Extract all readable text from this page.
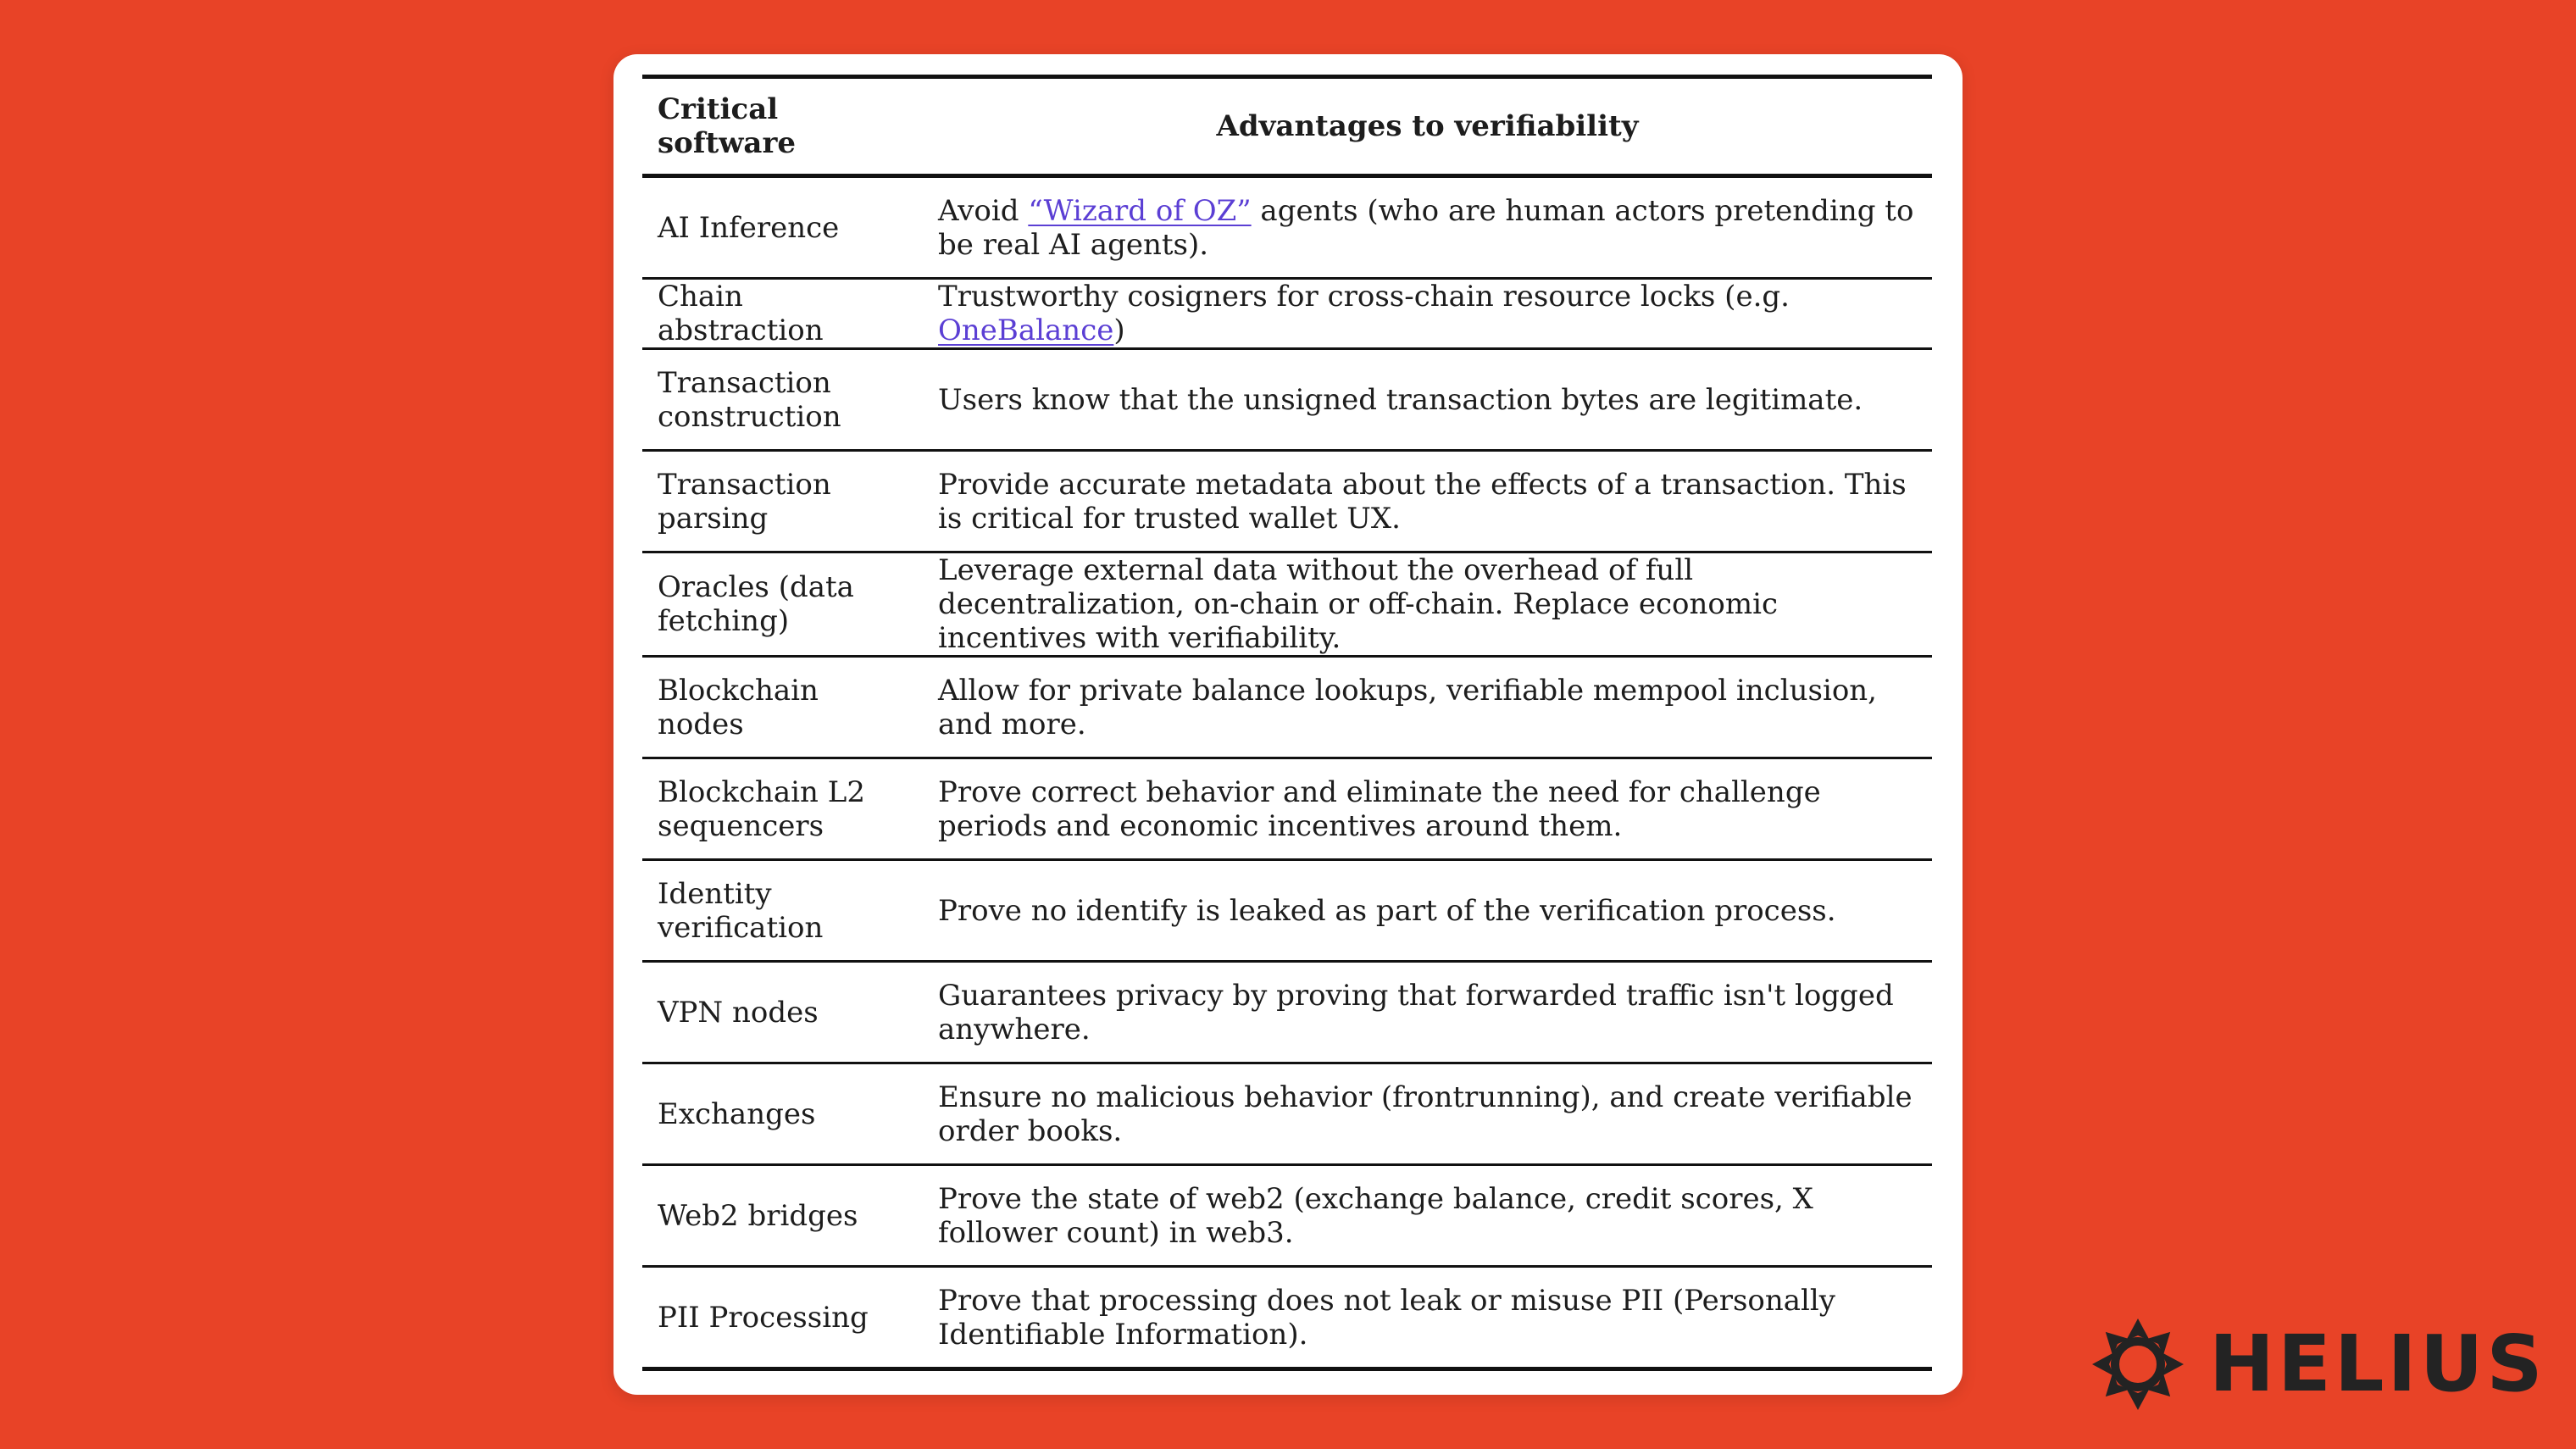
Critical software	Advantages to verifiability
AI Inference	Avoid “Wizard of OZ” agents (who are human actors pretending to be real AI agents).
Chain abstraction	Trustworthy cosigners for cross-chain resource locks (e.g. OneBalance)
Transaction construction	Users know that the unsigned transaction bytes are legitimate.
Transaction parsing	Provide accurate metadata about the effects of a transaction. This is critical for trusted wallet UX.
Oracles (data fetching)	Leverage external data without the overhead of full decentralization, on-chain or off-chain. Replace economic incentives with verifiability.
Blockchain nodes	Allow for private balance lookups, verifiable mempool inclusion, and more.
Blockchain L2 sequencers	Prove correct behavior and eliminate the need for challenge periods and economic incentives around them.
Identity verification	Prove no identify is leaked as part of the verification process.
VPN nodes	Guarantees privacy by proving that forwarded traffic isn't logged anywhere.
Exchanges	Ensure no malicious behavior (frontrunning), and create verifiable order books.
Web2 bridges	Prove the state of web2 (exchange balance, credit scores, X follower count) in web3.
PII Processing	Prove that processing does not leak or misuse PII (Personally Identifiable Information).	HELIUS
